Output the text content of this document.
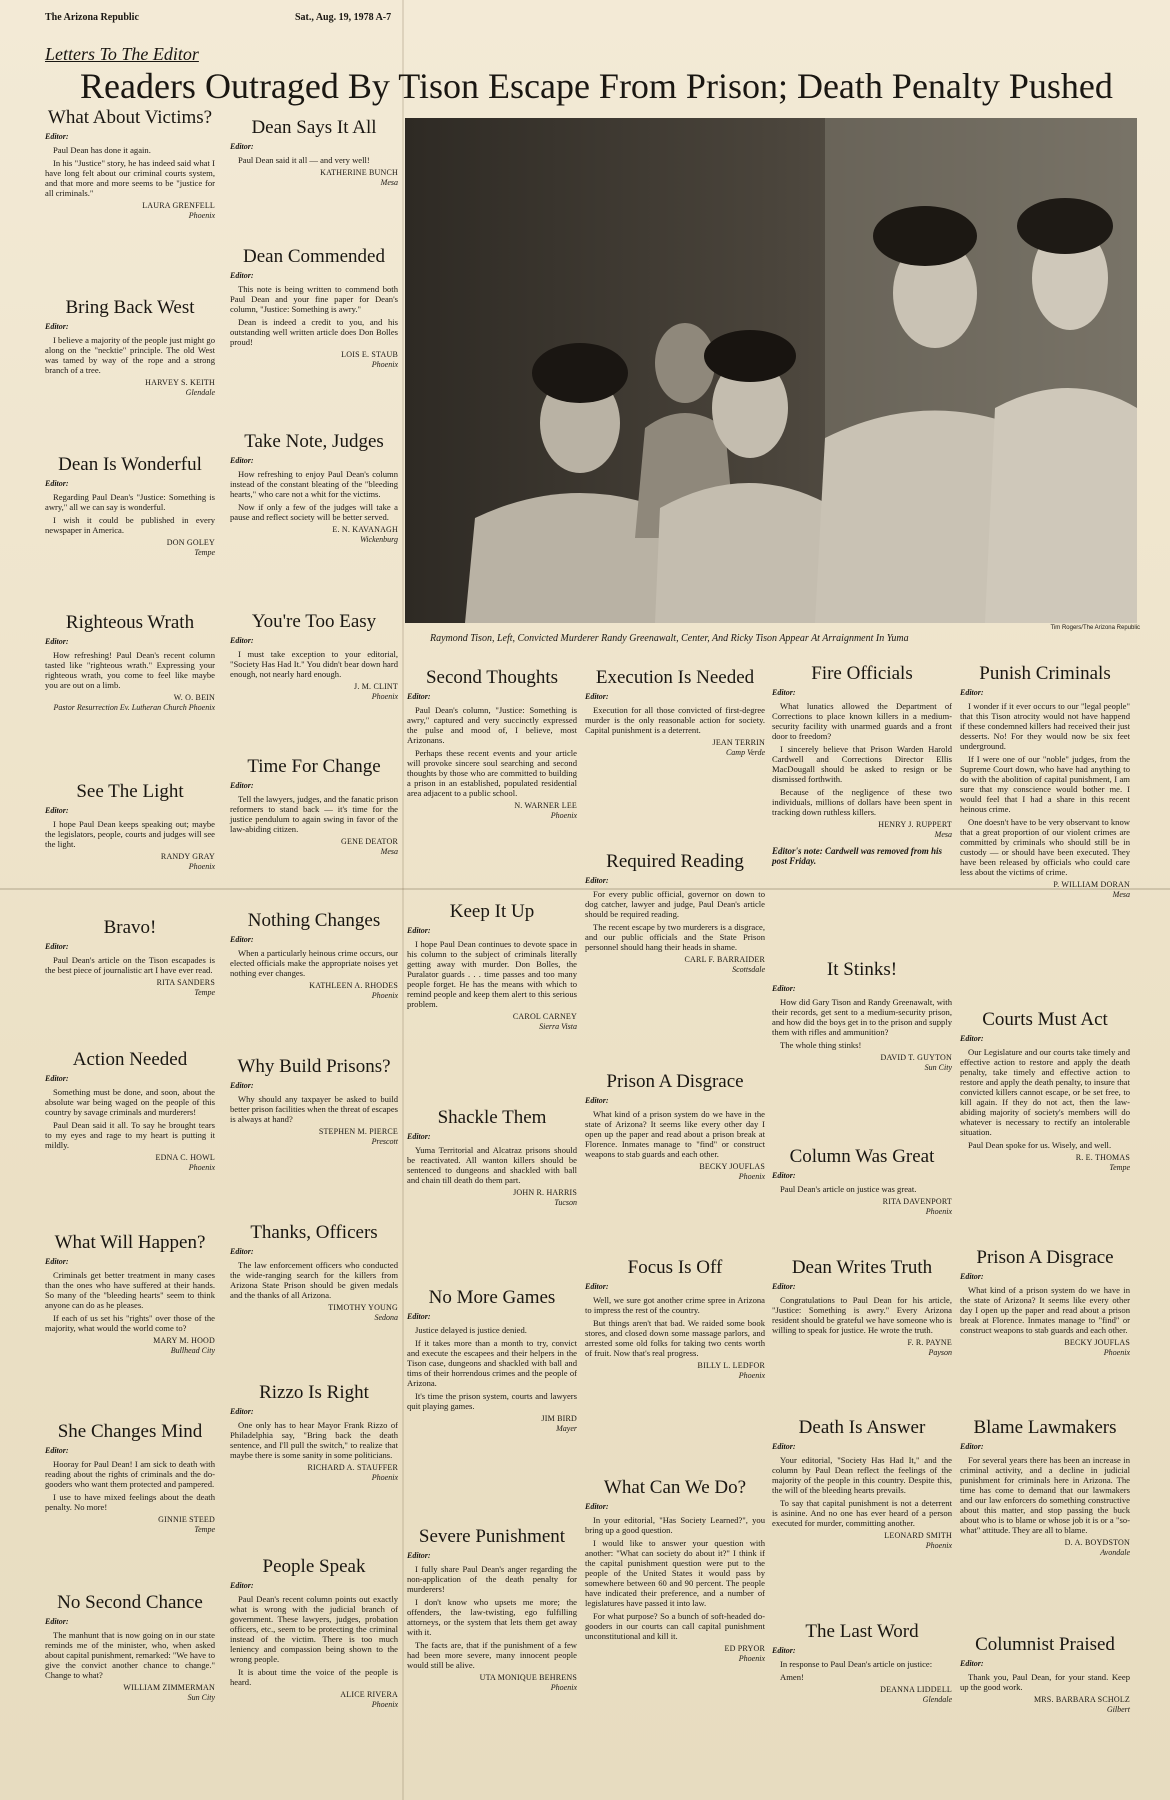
The Arizona Republic	Sat., Aug. 19, 1978 A-7
Letters To The Editor
Readers Outraged By Tison Escape From Prison; Death Penalty Pushed
Tim Rogers/The Arizona Republic
Raymond Tison, Left, Convicted Murderer Randy Greenawalt, Center, And Ricky Tison Appear At Arraignment In Yuma
What About Victims?
Editor:

Paul Dean has done it again.

In his "Justice" story, he has indeed said what I have long felt about our criminal courts system, and that more and more seems to be "justice for all criminals."

LAURA GRENFELL
Phoenix
Bring Back West
Editor:

I believe a majority of the people just might go along on the "necktie" principle. The old West was tamed by way of the rope and a strong branch of a tree.

HARVEY S. KEITH
Glendale
Dean Is Wonderful
Editor:

Regarding Paul Dean's "Justice: Something is awry," all we can say is wonderful.

I wish it could be published in every newspaper in America.

DON GOLEY
Tempe
Righteous Wrath
Editor:

How refreshing! Paul Dean's recent column tasted like "righteous wrath." Expressing your righteous wrath, you come to feel like maybe you are out on a limb.

W. O. BEIN
Pastor Resurrection Ev. Lutheran Church Phoenix
See The Light
Editor:

I hope Paul Dean keeps speaking out; maybe the legislators, people, courts and judges will see the light.

RANDY GRAY
Phoenix
Bravo!
Editor:

Paul Dean's article on the Tison escapades is the best piece of journalistic art I have ever read.

RITA SANDERS
Tempe
Action Needed
Editor:

Something must be done, and soon, about the absolute war being waged on the people of this country by savage criminals and murderers!

Paul Dean said it all. To say he brought tears to my eyes and rage to my heart is putting it mildly.

EDNA C. HOWL
Phoenix
What Will Happen?
Editor:

Criminals get better treatment in many cases than the ones who have suffered at their hands. So many of the "bleeding hearts" seem to think anyone can do as he pleases.

If each of us set his "rights" over those of the majority, what would the world come to?

MARY M. HOOD
Bullhead City
She Changes Mind
Editor:

Hooray for Paul Dean! I am sick to death with reading about the rights of criminals and the do-gooders who want them protected and pampered.

I use to have mixed feelings about the death penalty. No more!

GINNIE STEED
Tempe
No Second Chance
Editor:

The manhunt that is now going on in our state reminds me of the minister, who, when asked about capital punishment, remarked: "We have to give the convict another chance to change." Change to what?

WILLIAM ZIMMERMAN
Sun City
Dean Says It All
Editor:

Paul Dean said it all — and very well!

KATHERINE BUNCH
Mesa
Dean Commended
Editor:

This note is being written to commend both Paul Dean and your fine paper for Dean's column, "Justice: Something is awry."

Dean is indeed a credit to you, and his outstanding well written article does Don Bolles proud!

LOIS E. STAUB
Phoenix
Take Note, Judges
Editor:

How refreshing to enjoy Paul Dean's column instead of the constant bleating of the "bleeding hearts," who care not a whit for the victims.

Now if only a few of the judges will take a pause and reflect society will be better served.

E. N. KAVANAGH
Wickenburg
You're Too Easy
Editor:

I must take exception to your editorial, "Society Has Had It." You didn't bear down hard enough, not nearly hard enough.

J. M. CLINT
Phoenix
Time For Change
Editor:

Tell the lawyers, judges, and the fanatic prison reformers to stand back — it's time for the justice pendulum to again swing in favor of the law-abiding citizen.

GENE DEATOR
Mesa
Nothing Changes
Editor:

When a particularly heinous crime occurs, our elected officials make the appropriate noises yet nothing ever changes.

KATHLEEN A. RHODES
Phoenix
Why Build Prisons?
Editor:

Why should any taxpayer be asked to build better prison facilities when the threat of escapes is always at hand?

STEPHEN M. PIERCE
Prescott
Thanks, Officers
Editor:

The law enforcement officers who conducted the wide-ranging search for the killers from Arizona State Prison should be given medals and the thanks of all Arizona.

TIMOTHY YOUNG
Sedona
Rizzo Is Right
Editor:

One only has to hear Mayor Frank Rizzo of Philadelphia say, "Bring back the death sentence, and I'll pull the switch," to realize that maybe there is some sanity in some politicians.

RICHARD A. STAUFFER
Phoenix
People Speak
Editor:

Paul Dean's recent column points out exactly what is wrong with the judicial branch of government. These lawyers, judges, probation officers, etc., seem to be protecting the criminal instead of the victim. There is too much leniency and compassion being shown to the wrong people.

It is about time the voice of the people is heard.

ALICE RIVERA
Phoenix
Second Thoughts
Editor:

Paul Dean's column, "Justice: Something is awry," captured and very succinctly expressed the pulse and mood of, I believe, most Arizonans.

Perhaps these recent events and your article will provoke sincere soul searching and second thoughts by those who are committed to building a prison in an established, populated residential area adjacent to a public school.

N. WARNER LEE
Phoenix
Keep It Up
Editor:

I hope Paul Dean continues to devote space in his column to the subject of criminals literally getting away with murder. Don Bolles, the Puralator guards . . . time passes and too many people forget. He has the means with which to remind people and keep them alert to this serious problem.

CAROL CARNEY
Sierra Vista
Shackle Them
Editor:

Yuma Territorial and Alcatraz prisons should be reactivated. All wanton killers should be sentenced to dungeons and shackled with ball and chain till death do them part.

JOHN R. HARRIS
Tucson
No More Games
Editor:

Justice delayed is justice denied.

If it takes more than a month to try, convict and execute the escapees and their helpers in the Tison case, dungeons and shackled with ball and tims of their horrendous crimes and the people of Arizona.

It's time the prison system, courts and lawyers quit playing games.

JIM BIRD
Mayer
Severe Punishment
Editor:

I fully share Paul Dean's anger regarding the non-application of the death penalty for murderers!

I don't know who upsets me more; the offenders, the law-twisting, ego fulfilling attorneys, or the system that lets them get away with it.

The facts are, that if the punishment of a few had been more severe, many innocent people would still be alive.

UTA MONIQUE BEHRENS
Phoenix
Execution Is Needed
Editor:

Execution for all those convicted of first-degree murder is the only reasonable action for society. Capital punishment is a deterrent.

JEAN TERRIN
Camp Verde
Required Reading
Editor:

For every public official, governor on down to dog catcher, lawyer and judge, Paul Dean's article should be required reading.

The recent escape by two murderers is a disgrace, and our public officials and the State Prison personnel should hang their heads in shame.

CARL F. BARRAIDER
Scottsdale
Prison A Disgrace
Editor:

What kind of a prison system do we have in the state of Arizona? It seems like every other day I open up the paper and read about a prison break at Florence. Inmates manage to "find" or construct weapons to stab guards and each other.

BECKY JOUFLAS
Phoenix
Focus Is Off
Editor:

Well, we sure got another crime spree in Arizona to impress the rest of the country.

But things aren't that bad. We raided some book stores, and closed down some massage parlors, and arrested some old folks for taking two cents worth of fruit. Now that's real progress.

BILLY L. LEDFOR
Phoenix
What Can We Do?
Editor:

In your editorial, "Has Society Learned?", you bring up a good question.

I would like to answer your question with another: "What can society do about it?" I think if the capital punishment question were put to the people of the United States it would pass by somewhere between 60 and 90 percent. The people have indicated their preference, and a number of legislatures have passed it into law.

For what purpose? So a bunch of soft-headed do-gooders in our courts can call capital punishment unconstitutional and kill it.

ED PRYOR
Phoenix
Fire Officials
Editor:

What lunatics allowed the Department of Corrections to place known killers in a medium-security facility with unarmed guards and a front door to freedom?

I sincerely believe that Prison Warden Harold Cardwell and Corrections Director Ellis MacDougall should be asked to resign or be dismissed forthwith.

Because of the negligence of these two individuals, millions of dollars have been spent in tracking down ruthless killers.

HENRY J. RUPPERT
Mesa
Editor's note: Cardwell was removed from his post Friday.
It Stinks!
Editor:

How did Gary Tison and Randy Greenawalt, with their records, get sent to a medium-security prison, and how did the boys get in to the prison and supply them with rifles and ammunition?

The whole thing stinks!

DAVID T. GUYTON
Sun City
Column Was Great
Editor:

Paul Dean's article on justice was great.

RITA DAVENPORT
Phoenix
Dean Writes Truth
Editor:

Congratulations to Paul Dean for his article, "Justice: Something is awry." Every Arizona resident should be grateful we have someone who is willing to speak for justice. He wrote the truth.

F. R. PAYNE
Payson
Death Is Answer
Editor:

Your editorial, "Society Has Had It," and the column by Paul Dean reflect the feelings of the majority of the people in this country. Despite this, the will of the bleeding hearts prevails.

To say that capital punishment is not a deterrent is asinine. And no one has ever heard of a person executed for murder, committing another.

LEONARD SMITH
Phoenix
The Last Word
Editor:

In response to Paul Dean's article on justice:

Amen!

DEANNA LIDDELL
Glendale
Punish Criminals
Editor:

I wonder if it ever occurs to our "legal people" that this Tison atrocity would not have happend if these condemned killers had received their just desserts. No! For they would now be six feet underground.

If I were one of our "noble" judges, from the Supreme Court down, who have had anything to do with the abolition of capital punishment, I am sure that my conscience would bother me. I would feel that I had a share in this recent heinous crime.

One doesn't have to be very observant to know that a great proportion of our violent crimes are committed by criminals who should still be in custody — or should have been executed. They have been released by officials who could care less about the victims of crime.

P. WILLIAM DORAN
Mesa
Courts Must Act
Editor:

Our Legislature and our courts take timely and effective action to restore and apply the death penalty, take timely and effective action to restore and apply the death penalty, to insure that convicted killers cannot escape, or be set free, to kill again. If they do not act, then the law-abiding majority of society's members will do whatever is necessary to rectify an intolerable situation.

Paul Dean spoke for us. Wisely, and well.

R. E. THOMAS
Tempe
Prison A Disgrace
Editor:

What kind of a prison system do we have in the state of Arizona? It seems like every other day I open up the paper and read about a prison break at Florence. Inmates manage to "find" or construct weapons to stab guards and each other.

BECKY JOUFLAS
Phoenix
Blame Lawmakers
Editor:

For several years there has been an increase in criminal activity, and a decline in judicial punishment for criminals here in Arizona. The time has come to demand that our lawmakers and our law enforcers do something constructive about this matter, and stop passing the buck about who is to blame or whose job it is or a "so-what" attitude. They are all to blame.

D. A. BOYDSTON
Avondale
Columnist Praised
Editor:

Thank you, Paul Dean, for your stand. Keep up the good work.

MRS. BARBARA SCHOLZ
Gilbert
